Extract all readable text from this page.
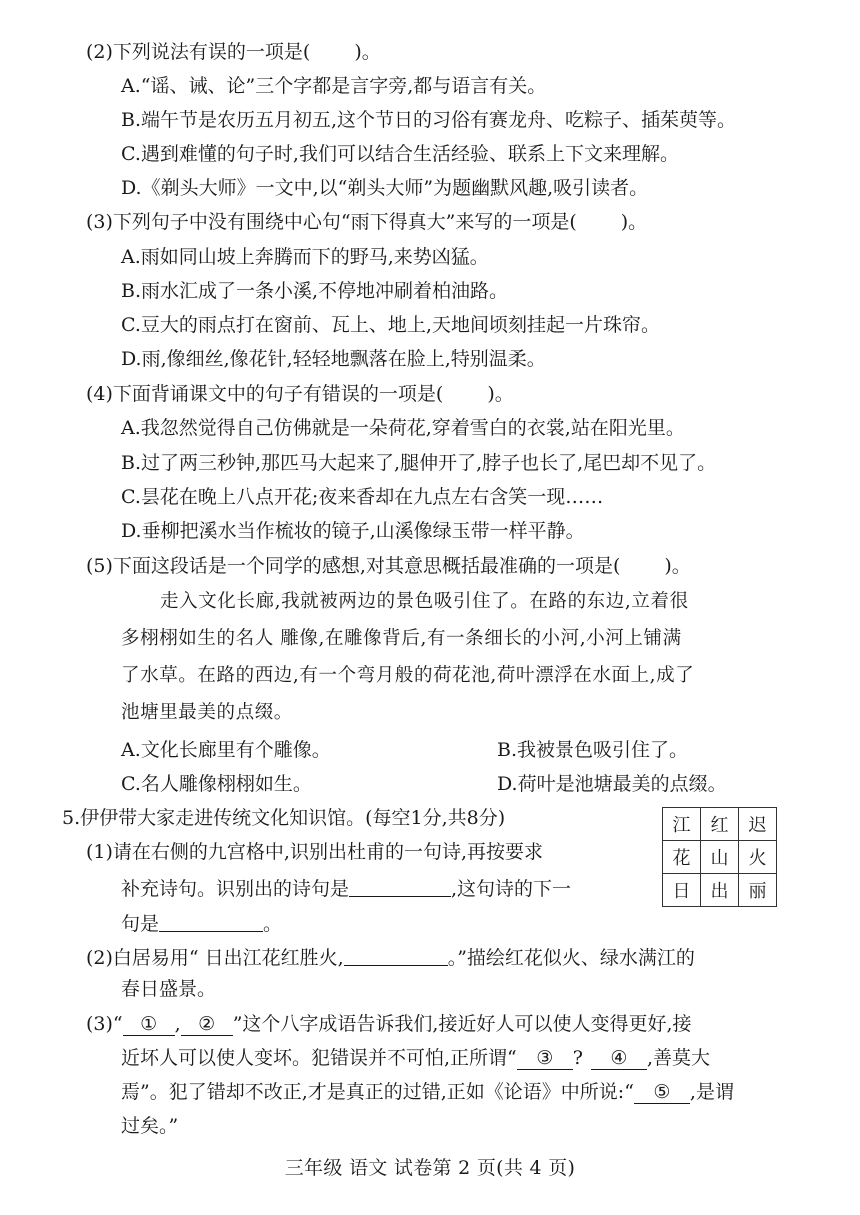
(2)下列说法有误的一项是( )。
A.“谣、诫、论”三个字都是言字旁,都与语言有关。
B.端午节是农历五月初五,这个节日的习俗有赛龙舟、吃粽子、插茱萸等。
C.遇到难懂的句子时,我们可以结合生活经验、联系上下文来理解。
D.《剃头大师》一文中,以“剃头大师”为题幽默风趣,吸引读者。
(3)下列句子中没有围绕中心句“雨下得真大”来写的一项是( )。
A.雨如同山坡上奔腾而下的野马,来势凶猛。
B.雨水汇成了一条小溪,不停地冲刷着柏油路。
C.豆大的雨点打在窗前、瓦上、地上,天地间顷刻挂起一片珠帘。
D.雨,像细丝,像花针,轻轻地飘落在脸上,特别温柔。
(4)下面背诵课文中的句子有错误的一项是( )。
A.我忽然觉得自己仿佛就是一朵荷花,穿着雪白的衣裳,站在阳光里。
B.过了两三秒钟,那匹马大起来了,腿伸开了,脖子也长了,尾巴却不见了。
C.昙花在晚上八点开花;夜来香却在九点左右含笑一现……
D.垂柳把溪水当作梳妆的镜子,山溪像绿玉带一样平静。
(5)下面这段话是一个同学的感想,对其意思概括最准确的一项是( )。
走入文化长廊,我就被两边的景色吸引住了。在路的东边,立着很
多栩栩如生的名人 雕像,在雕像背后,有一条细长的小河,小河上铺满
了水草。在路的西边,有一个弯月般的荷花池,荷叶漂浮在水面上,成了
池塘里最美的点缀。
A.文化长廊里有个雕像。	B.我被景色吸引住了。
C.名人雕像栩栩如生。	D.荷叶是池塘最美的点缀。
5.伊伊带大家走进传统文化知识馆。(每空1分,共8分)	江	红	迟
花	山	火
日	出	丽
(1)请在右侧的九宫格中,识别出杜甫的一句诗,再按要求
补充诗句。识别出的诗句是	,这句诗的下一
句是	。
(2)白居易用“ 日出江花红胜火,	。”描绘红花似火、绿水满江的
春日盛景。
(3)“ ① , ② ”这个八字成语告诉我们,接近好人可以使人变得更好,接
近坏人可以使人变坏。犯错误并不可怕,正所谓“ ③ ? ④ ,善莫大
焉”。犯了错却不改正,才是真正的过错,正如《论语》中所说:“ ⑤ ,是谓
过矣。”
三年级 语文 试卷第 2 页(共 4 页)
